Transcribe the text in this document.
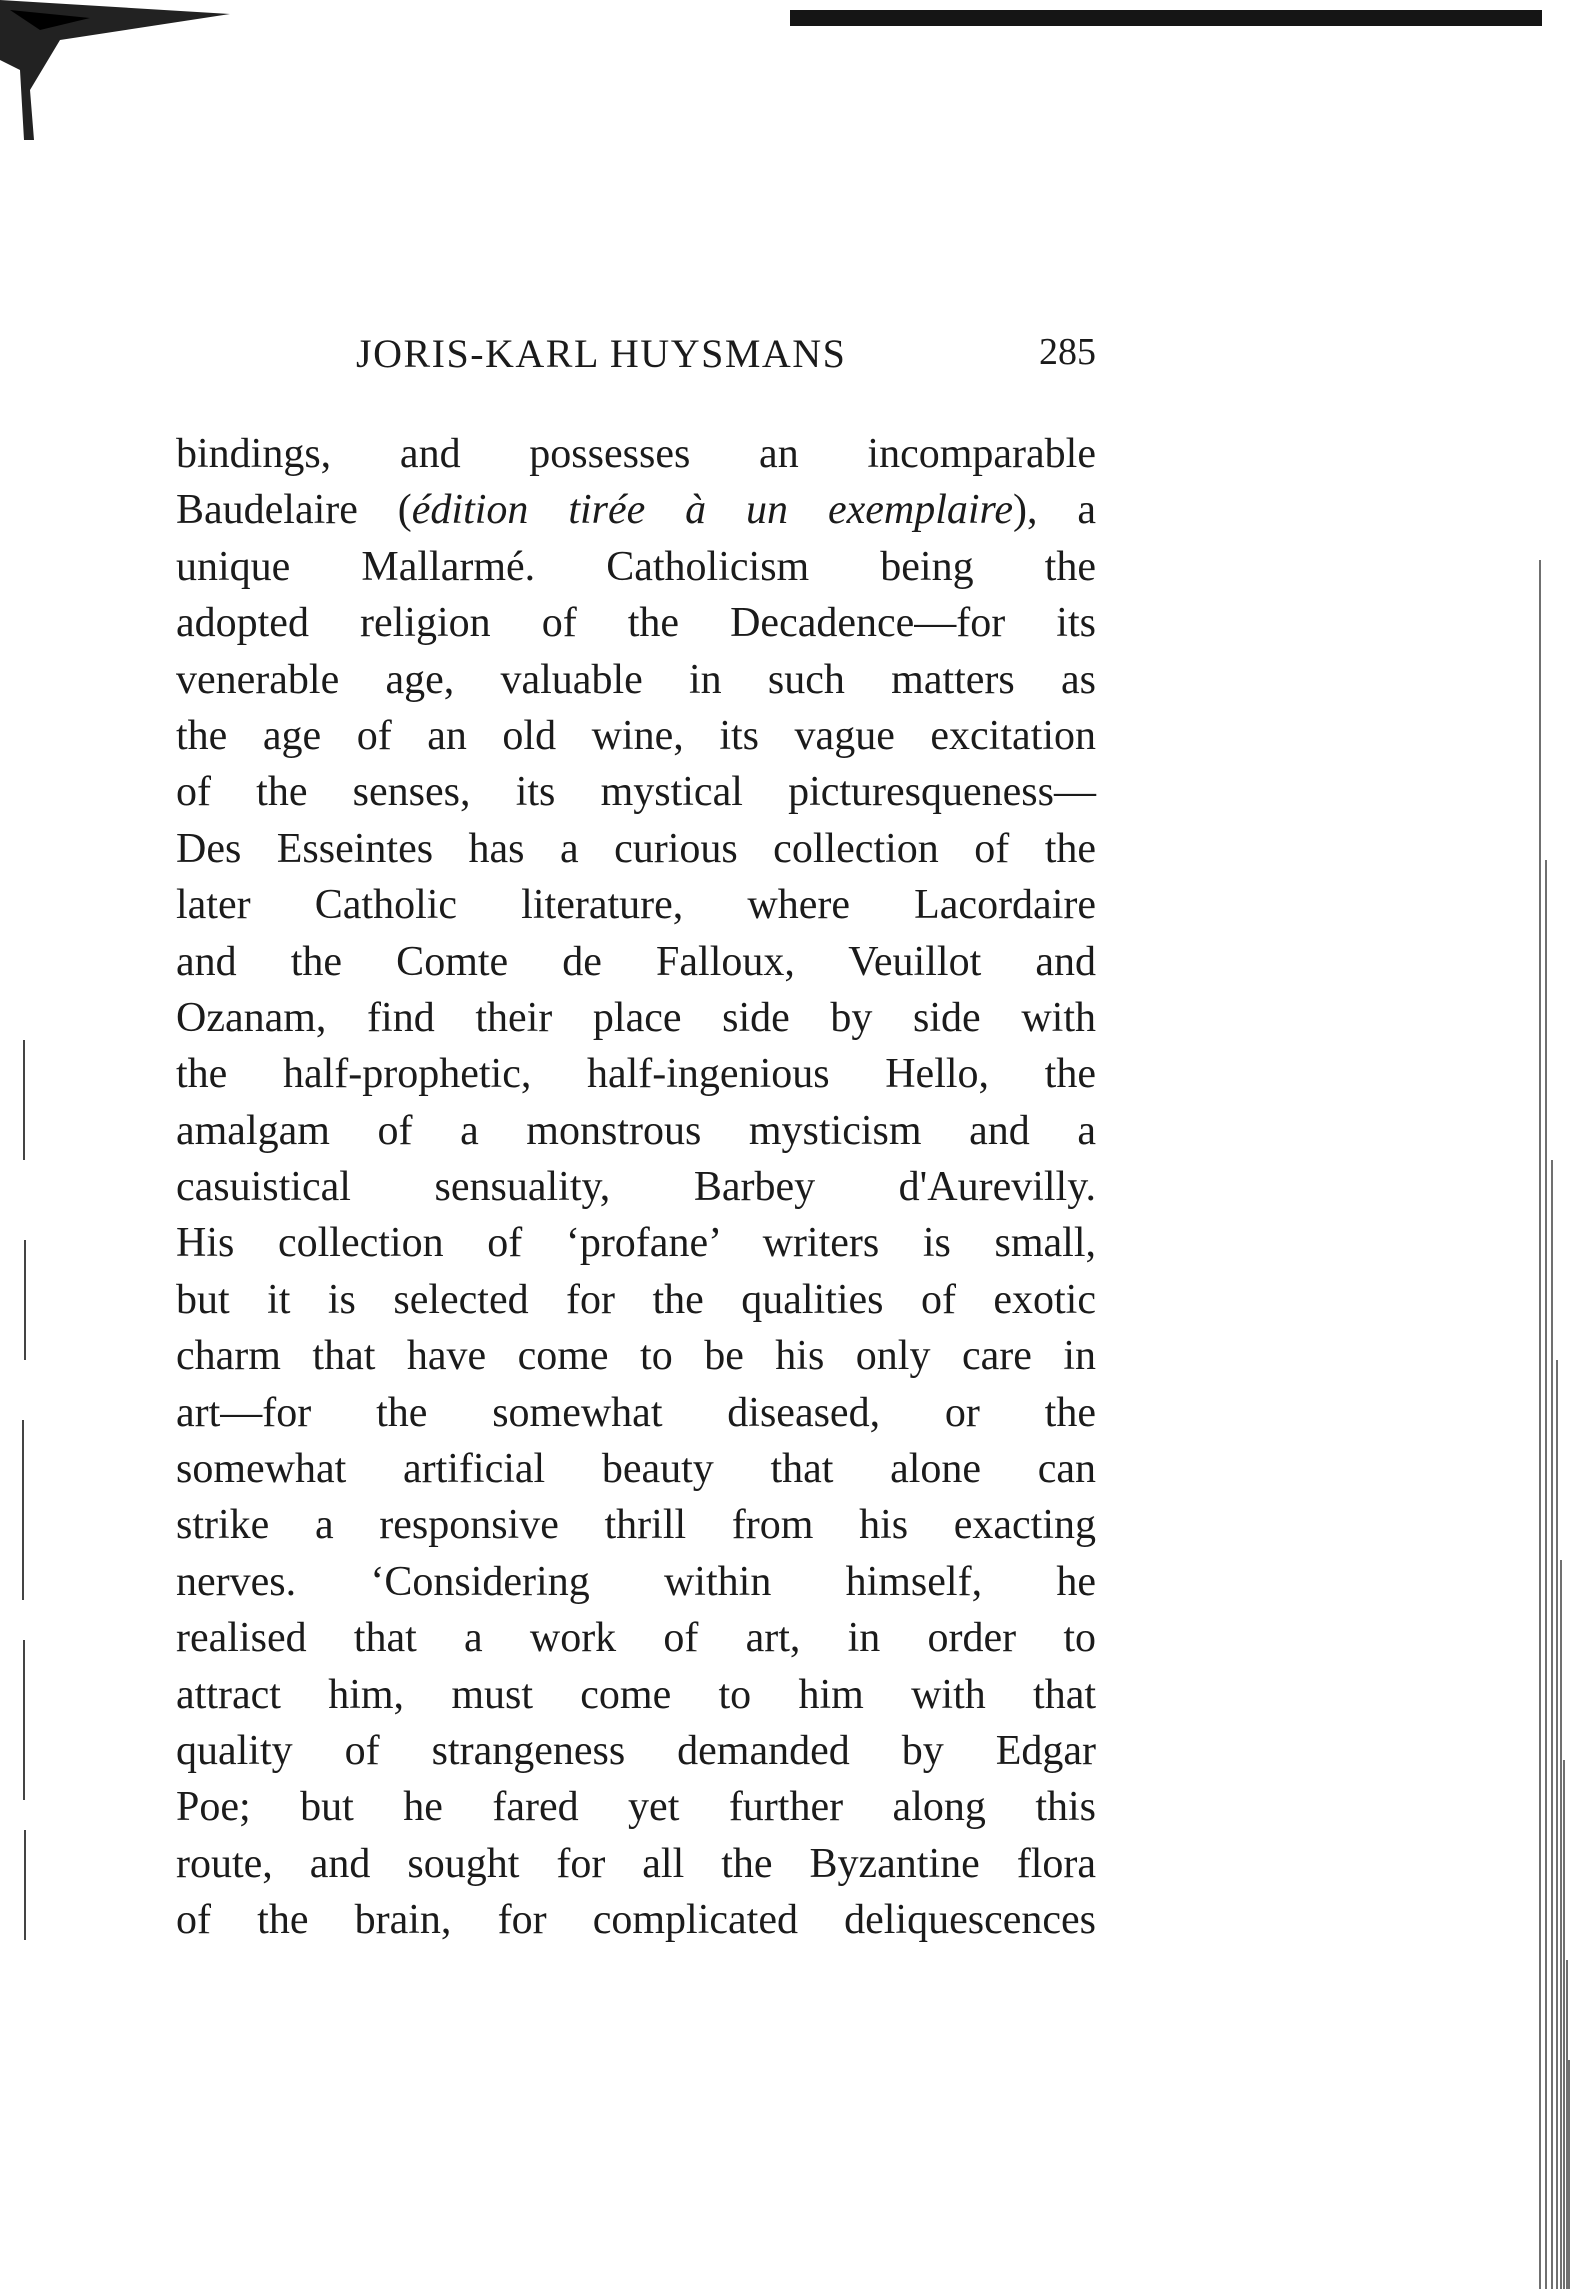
JORIS-KARL HUYSMANS	285
bindings, and possesses an incomparable
Baudelaire (édition tirée à un exemplaire), a
unique Mallarmé. Catholicism being the
adopted religion of the Decadence—for its
venerable age, valuable in such matters as
the age of an old wine, its vague excitation
of the senses, its mystical picturesqueness—
Des Esseintes has a curious collection of the
later Catholic literature, where Lacordaire
and the Comte de Falloux, Veuillot and
Ozanam, find their place side by side with
the half-prophetic, half-ingenious Hello, the
amalgam of a monstrous mysticism and a
casuistical sensuality, Barbey d'Aurevilly.
His collection of ‘profane’ writers is small,
but it is selected for the qualities of exotic
charm that have come to be his only care in
art—for the somewhat diseased, or the
somewhat artificial beauty that alone can
strike a responsive thrill from his exacting
nerves. ‘Considering within himself, he
realised that a work of art, in order to
attract him, must come to him with that
quality of strangeness demanded by Edgar
Poe; but he fared yet further along this
route, and sought for all the Byzantine flora
of the brain, for complicated deliquescences
